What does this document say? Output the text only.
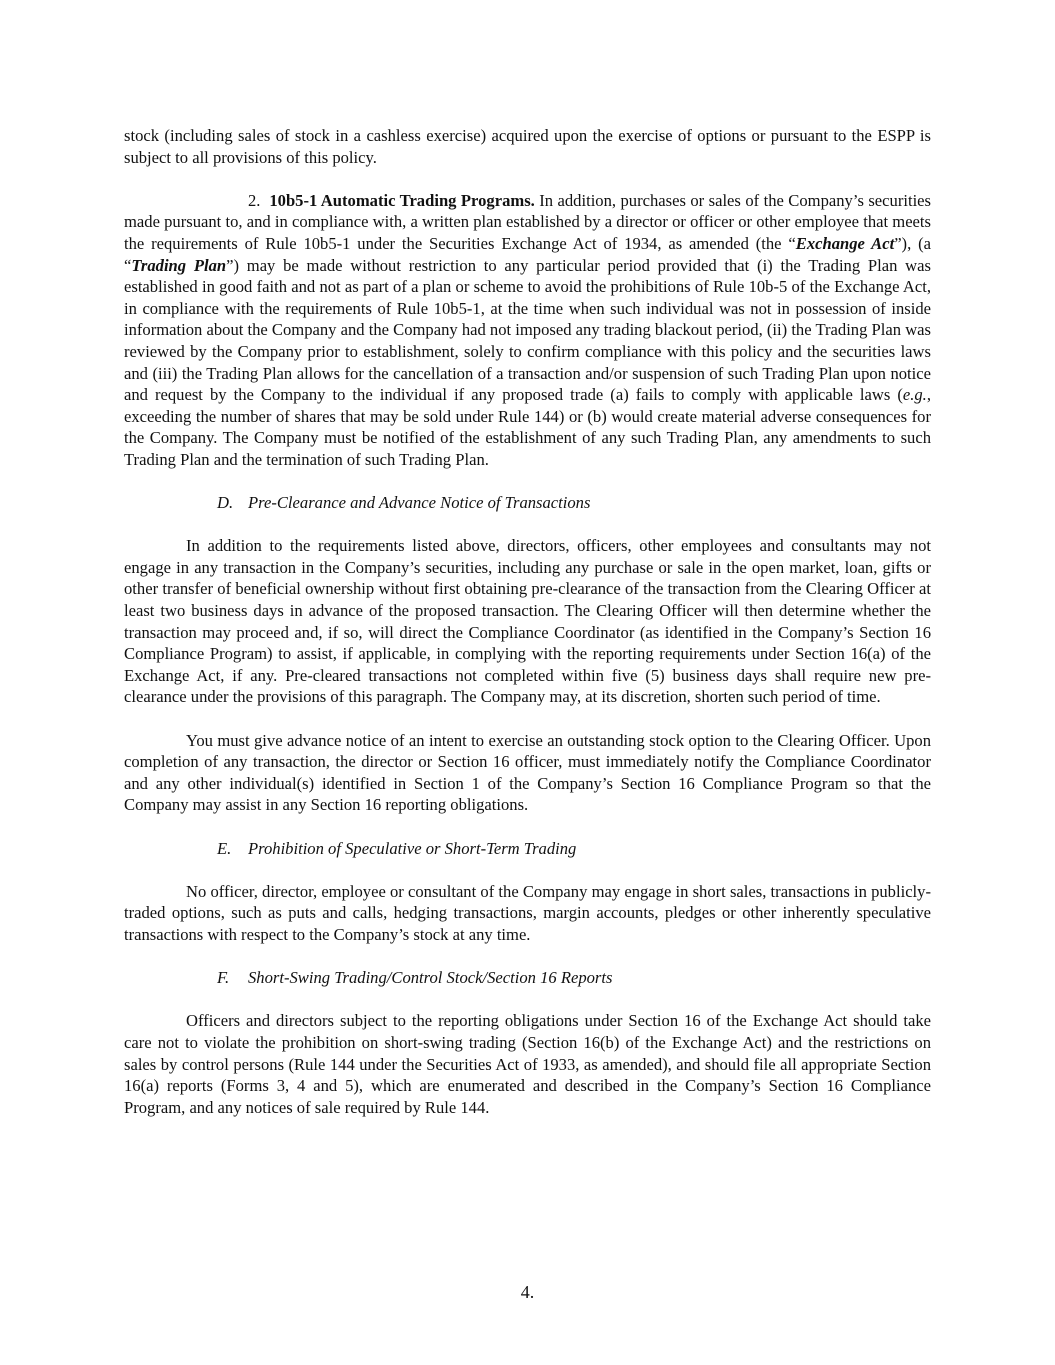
stock (including sales of stock in a cashless exercise) acquired upon the exercise of options or pursuant to the ESPP is subject to all provisions of this policy.

2. 10b5-1 Automatic Trading Programs. In addition, purchases or sales of the Company’s securities made pursuant to, and in compliance with, a written plan established by a director or officer or other employee that meets the requirements of Rule 10b5-1 under the Securities Exchange Act of 1934, as amended (the “Exchange Act”), (a “Trading Plan”) may be made without restriction to any particular period provided that (i) the Trading Plan was established in good faith and not as part of a plan or scheme to avoid the prohibitions of Rule 10b-5 of the Exchange Act, in compliance with the requirements of Rule 10b5-1, at the time when such individual was not in possession of inside information about the Company and the Company had not imposed any trading blackout period, (ii) the Trading Plan was reviewed by the Company prior to establishment, solely to confirm compliance with this policy and the securities laws and (iii) the Trading Plan allows for the cancellation of a transaction and/or suspension of such Trading Plan upon notice and request by the Company to the individual if any proposed trade (a) fails to comply with applicable laws (e.g., exceeding the number of shares that may be sold under Rule 144) or (b) would create material adverse consequences for the Company. The Company must be notified of the establishment of any such Trading Plan, any amendments to such Trading Plan and the termination of such Trading Plan.

D. Pre-Clearance and Advance Notice of Transactions

In addition to the requirements listed above, directors, officers, other employees and consultants may not engage in any transaction in the Company’s securities, including any purchase or sale in the open market, loan, gifts or other transfer of beneficial ownership without first obtaining pre-clearance of the transaction from the Clearing Officer at least two business days in advance of the proposed transaction. The Clearing Officer will then determine whether the transaction may proceed and, if so, will direct the Compliance Coordinator (as identified in the Company’s Section 16 Compliance Program) to assist, if applicable, in complying with the reporting requirements under Section 16(a) of the Exchange Act, if any. Pre-cleared transactions not completed within five (5) business days shall require new pre-clearance under the provisions of this paragraph. The Company may, at its discretion, shorten such period of time.

You must give advance notice of an intent to exercise an outstanding stock option to the Clearing Officer. Upon completion of any transaction, the director or Section 16 officer, must immediately notify the Compliance Coordinator and any other individual(s) identified in Section 1 of the Company’s Section 16 Compliance Program so that the Company may assist in any Section 16 reporting obligations.

E. Prohibition of Speculative or Short-Term Trading

No officer, director, employee or consultant of the Company may engage in short sales, transactions in publicly-traded options, such as puts and calls, hedging transactions, margin accounts, pledges or other inherently speculative transactions with respect to the Company’s stock at any time.

F. Short-Swing Trading/Control Stock/Section 16 Reports

Officers and directors subject to the reporting obligations under Section 16 of the Exchange Act should take care not to violate the prohibition on short-swing trading (Section 16(b) of the Exchange Act) and the restrictions on sales by control persons (Rule 144 under the Securities Act of 1933, as amended), and should file all appropriate Section 16(a) reports (Forms 3, 4 and 5), which are enumerated and described in the Company’s Section 16 Compliance Program, and any notices of sale required by Rule 144.

4.
